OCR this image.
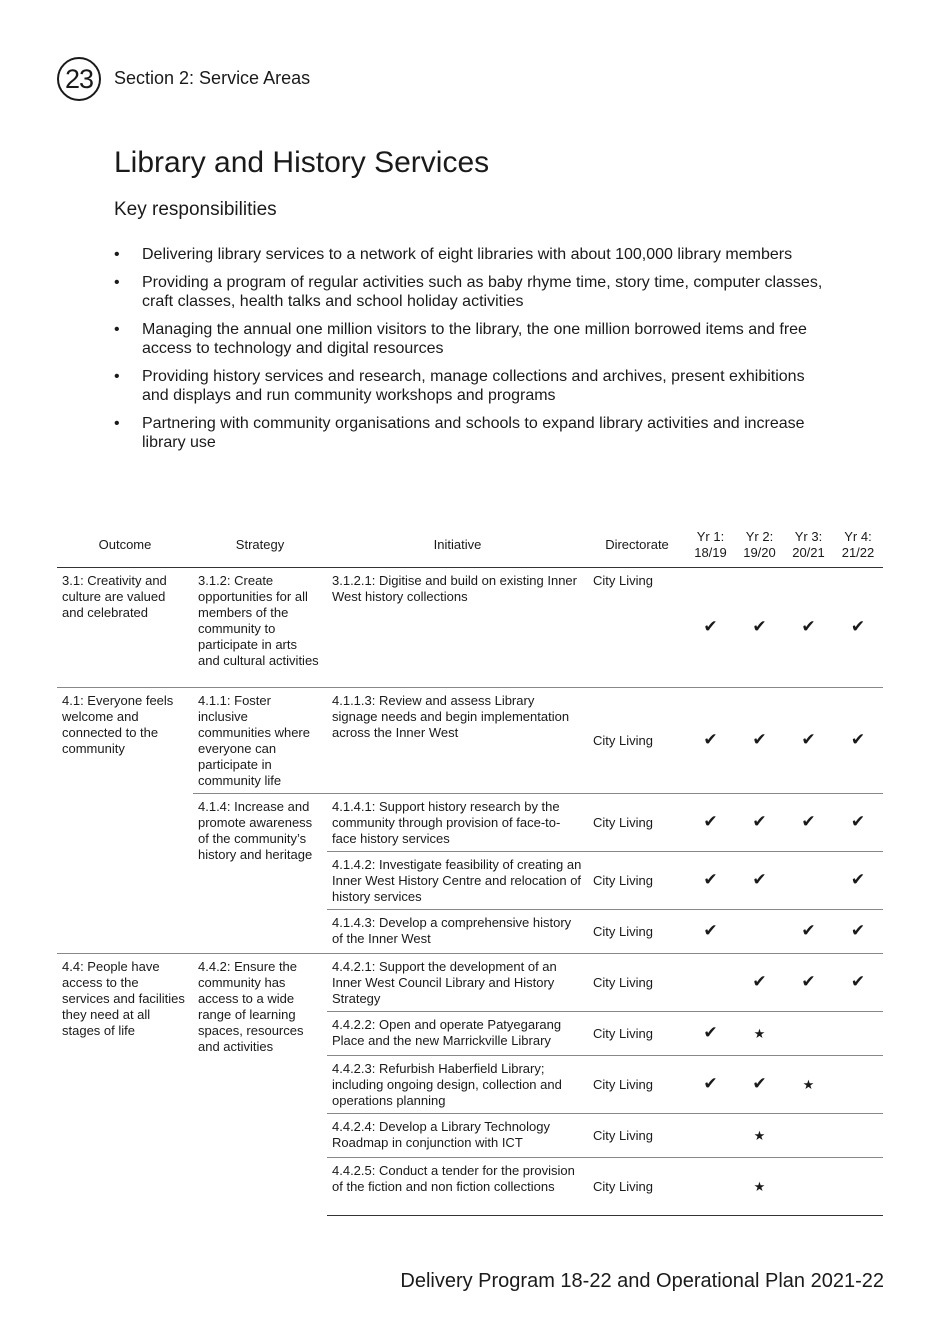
23	Section 2: Service Areas
Library and History Services
Key responsibilities
• Delivering library services to a network of eight libraries with about 100,000 library members
• Providing a program of regular activities such as baby rhyme time, story time, computer classes, craft classes, health talks and school holiday activities
• Managing the annual one million visitors to the library, the one million borrowed items and free access to technology and digital resources
• Providing history services and research, manage collections and archives, present exhibitions and displays and run community workshops and programs
• Partnering with community organisations and schools to expand library activities and increase library use
Outcome	Strategy	Initiative	Directorate	Yr 1: 18/19	Yr 2: 19/20	Yr 3: 20/21	Yr 4: 21/22
3.1: Creativity and culture are valued and celebrated	3.1.2: Create opportunities for all members of the community to participate in arts and cultural activities	3.1.2.1: Digitise and build on existing Inner West history collections	City Living	✔	✔	✔	✔
4.1: Everyone feels welcome and connected to the community	4.1.1: Foster inclusive communities where everyone can participate in community life	4.1.1.3: Review and assess Library signage needs and begin implementation across the Inner West	City Living	✔	✔	✔	✔
	4.1.4: Increase and promote awareness of the community’s history and heritage	4.1.4.1: Support history research by the community through provision of face-to-face history services	City Living	✔	✔	✔	✔
		4.1.4.2: Investigate feasibility of creating an Inner West History Centre and relocation of history services	City Living	✔	✔		✔
		4.1.4.3: Develop a comprehensive history of the Inner West	City Living	✔		✔	✔
4.4: People have access to the services and facilities they need at all stages of life	4.4.2: Ensure the community has access to a wide range of learning spaces, resources and activities	4.4.2.1: Support the development of an Inner West Council Library and History Strategy	City Living		✔	✔	✔
		4.4.2.2: Open and operate Patyegarang Place and the new Marrickville Library	City Living	✔	★		
		4.4.2.3: Refurbish Haberfield Library; including ongoing design, collection and operations planning	City Living	✔	✔	★	
		4.4.2.4: Develop a Library Technology Roadmap in conjunction with ICT	City Living		★		
		4.4.2.5: Conduct a tender for the provision of the fiction and non fiction collections	City Living		★		
Delivery Program 18-22 and Operational Plan 2021-22
